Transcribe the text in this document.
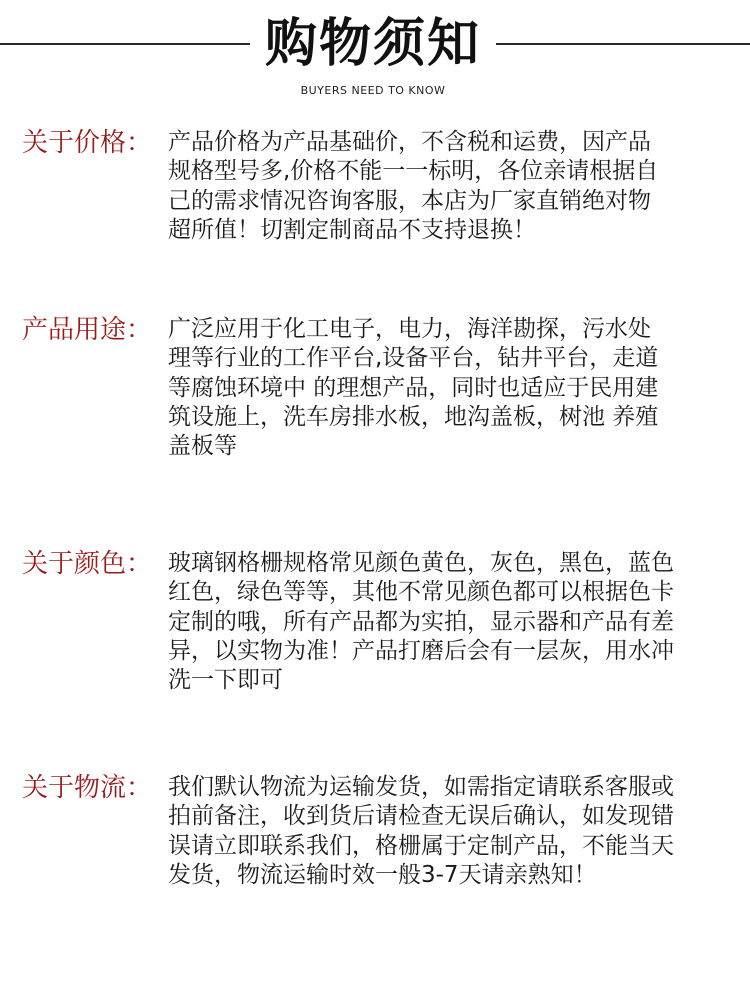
购物须知
BUYERS NEED TO KNOW
关于价格： 产品价格为产品基础价，不含税和运费，因产品
规格型号多,价格不能一一标明，各位亲请根据自
己的需求情况咨询客服，本店为厂家直销绝对物
超所值！切割定制商品不支持退换！
产品用途： 广泛应用于化工电子，电力，海洋勘探，污水处
理等行业的工作平台,设备平台，钻井平台，走道
等腐蚀环境中 的理想产品，同时也适应于民用建
筑设施上，洗车房排水板，地沟盖板，树池 养殖
盖板等
关于颜色： 玻璃钢格栅规格常见颜色黄色，灰色，黑色，蓝色
红色，绿色等等，其他不常见颜色都可以根据色卡
定制的哦，所有产品都为实拍，显示器和产品有差
异，以实物为准！产品打磨后会有一层灰，用水冲
洗一下即可
关于物流： 我们默认物流为运输发货，如需指定请联系客服或
拍前备注，收到货后请检查无误后确认，如发现错
误请立即联系我们，格栅属于定制产品，不能当天
发货，物流运输时效一般3-7天请亲熟知！
